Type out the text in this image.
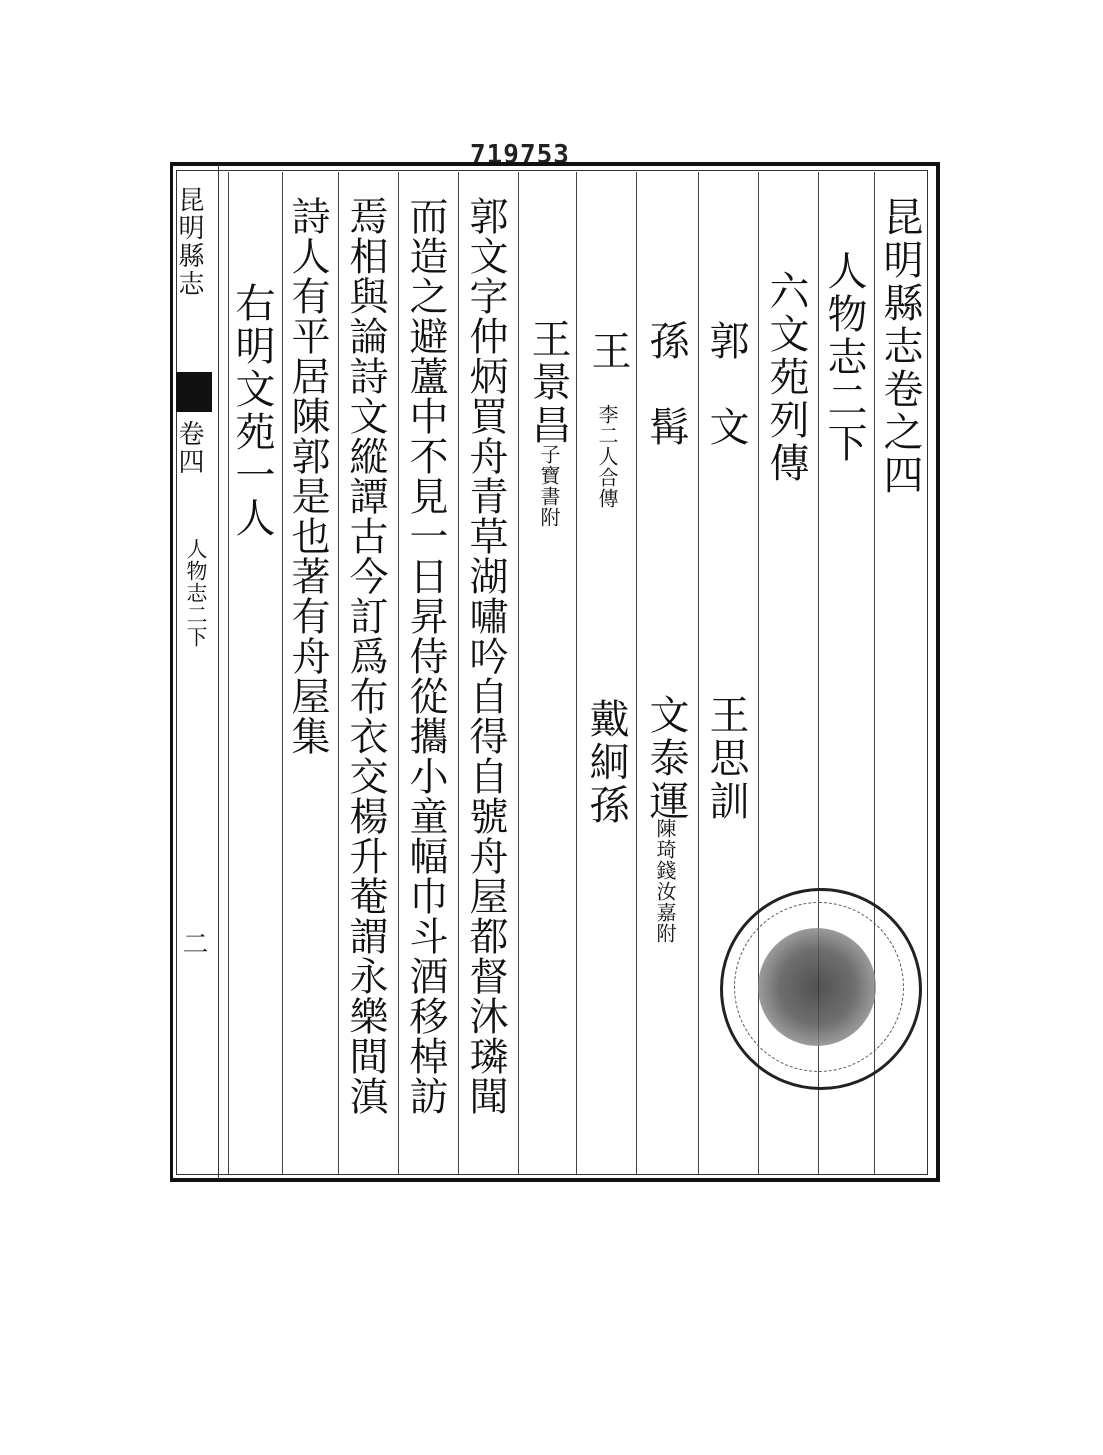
719753
昆明縣志
卷四
人物志二下
二
昆明縣志卷之四
人物志二下
六文苑列傳
郭　文
王思訓
孫　髯
文泰運
陳琦錢汝嘉附
王
李二人合傳
戴絅孫
王景昌
子寶書附
郭文字仲炳買舟青草湖嘯吟自得自號舟屋都督沐璘聞
而造之避蘆中不見一日昇侍從攜小童幅巾斗酒移棹訪
焉相與論詩文縱譚古今訂爲布衣交楊升菴謂永樂間滇
詩人有平居陳郭是也著有舟屋集
右明文苑一人
